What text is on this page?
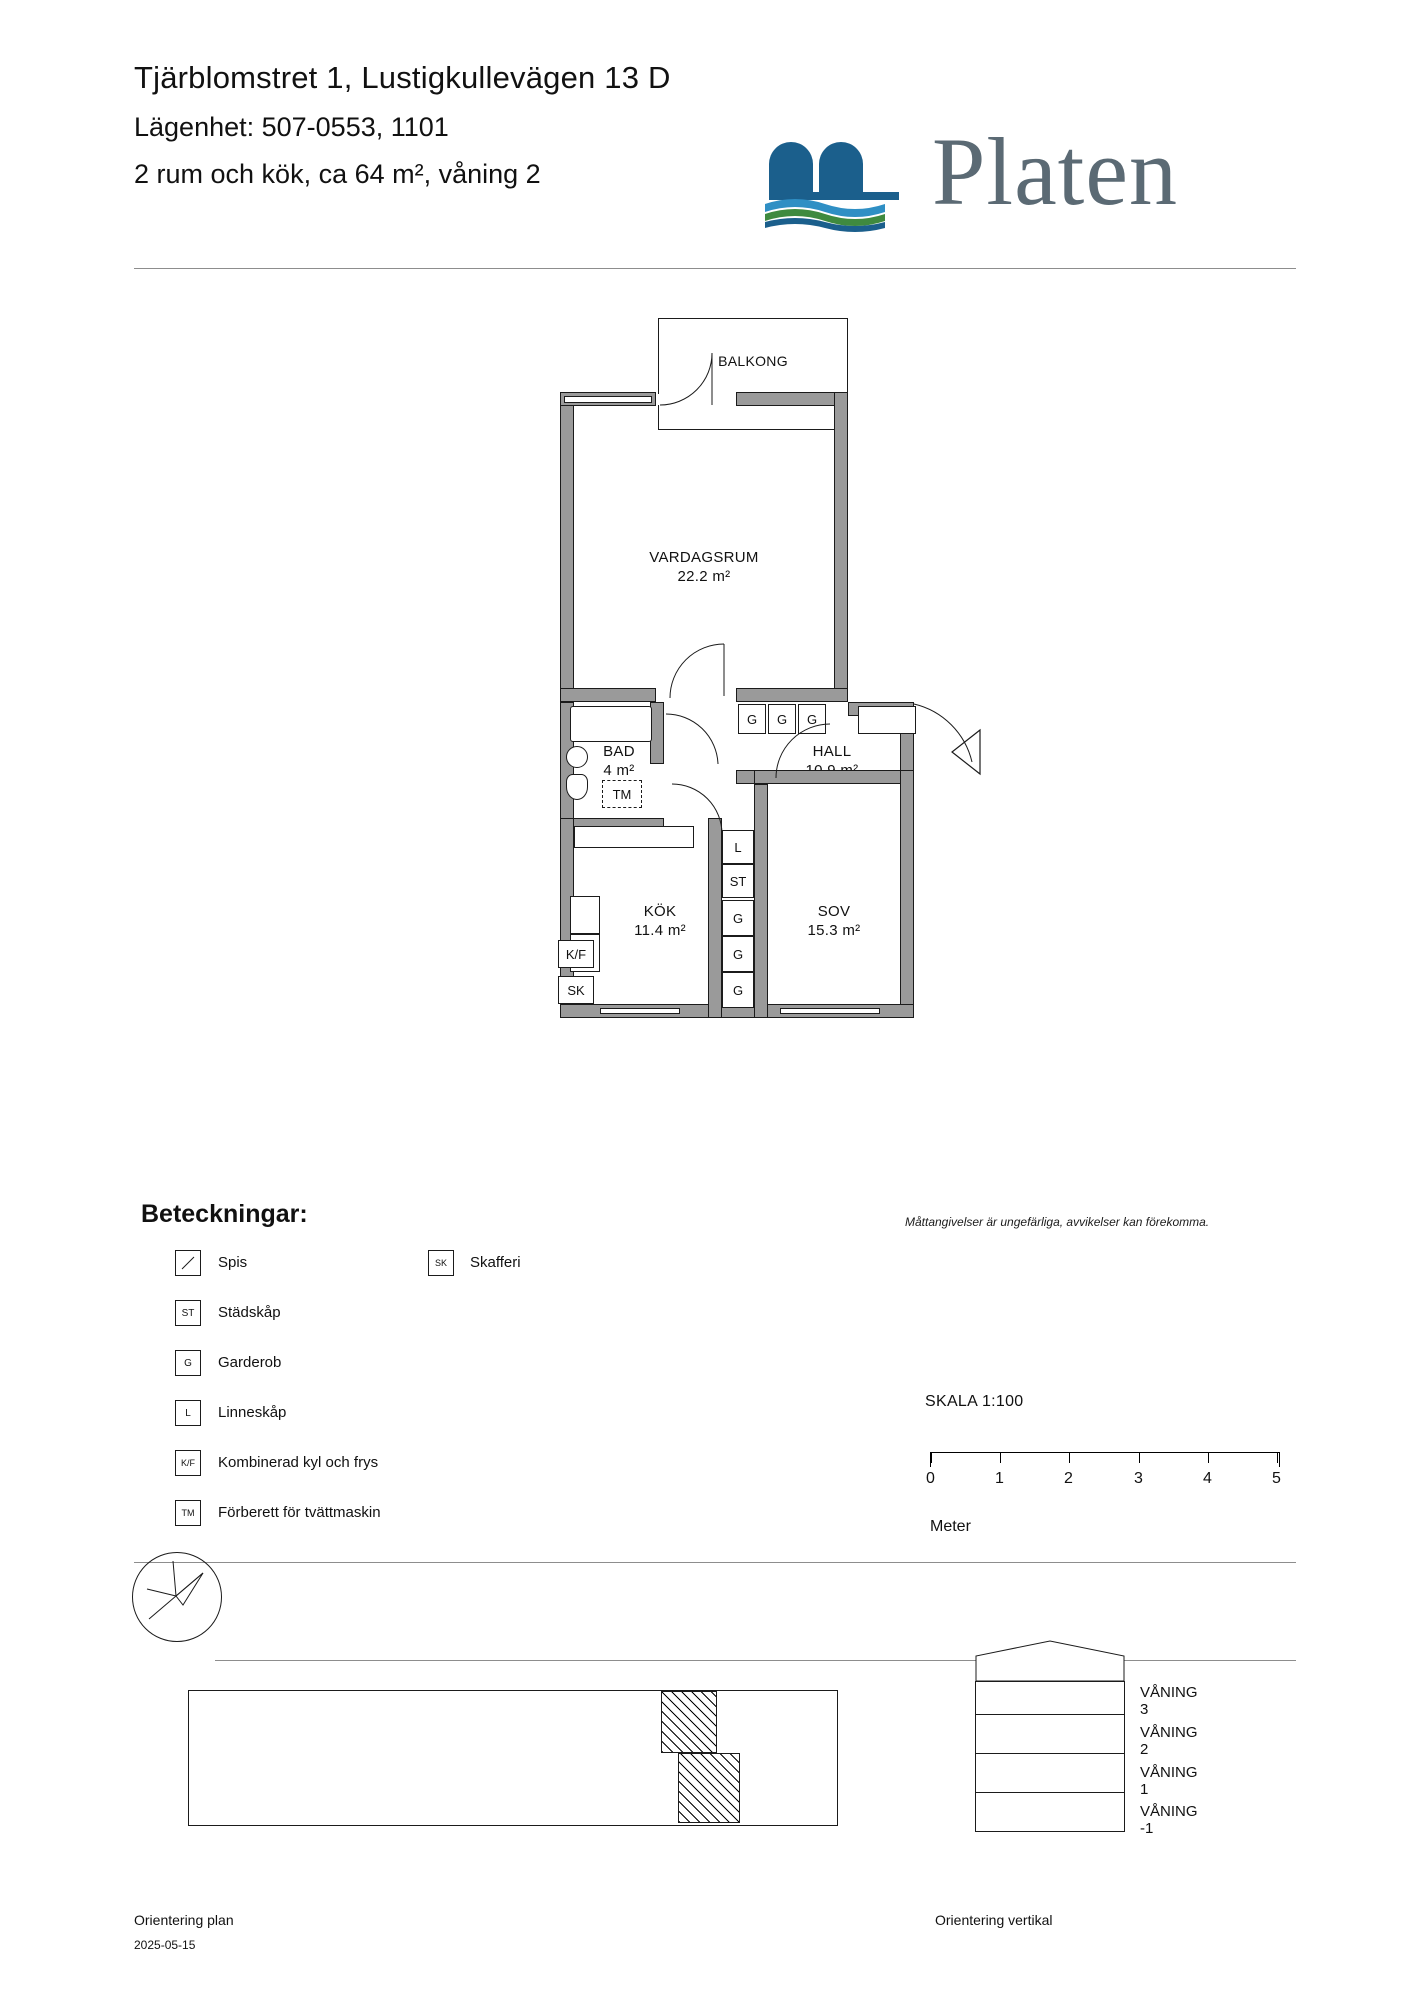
Tjärblomstret 1, Lustigkullevägen 13 D

Lägenhet: 507-0553, 1101

2 rum och kök, ca 64 m², våning 2	Platen
BALKONG
VARDAGSRUM
22.2 m²
BAD
4 m²
TM
G G G
HALL

K/F
SK
KÖK
11.4 m²
L
ST
G
G
G
SOV
15.3 m²
Måttangivelser är ungefärliga, avvikelser kan förekomma.
Beteckningar:
Spis
ST Städskåp
G Garderob
L Linneskåp
K/F Kombinerad kyl och frys
TM Förberett för tvättmaskin
SK Skafferi
SKALA 1:100
0	1	2	3	4	5
Meter
VÅNING 3
VÅNING 2
VÅNING 1
VÅNING -1
Orientering plan
2025-05-15
Orientering vertikal
